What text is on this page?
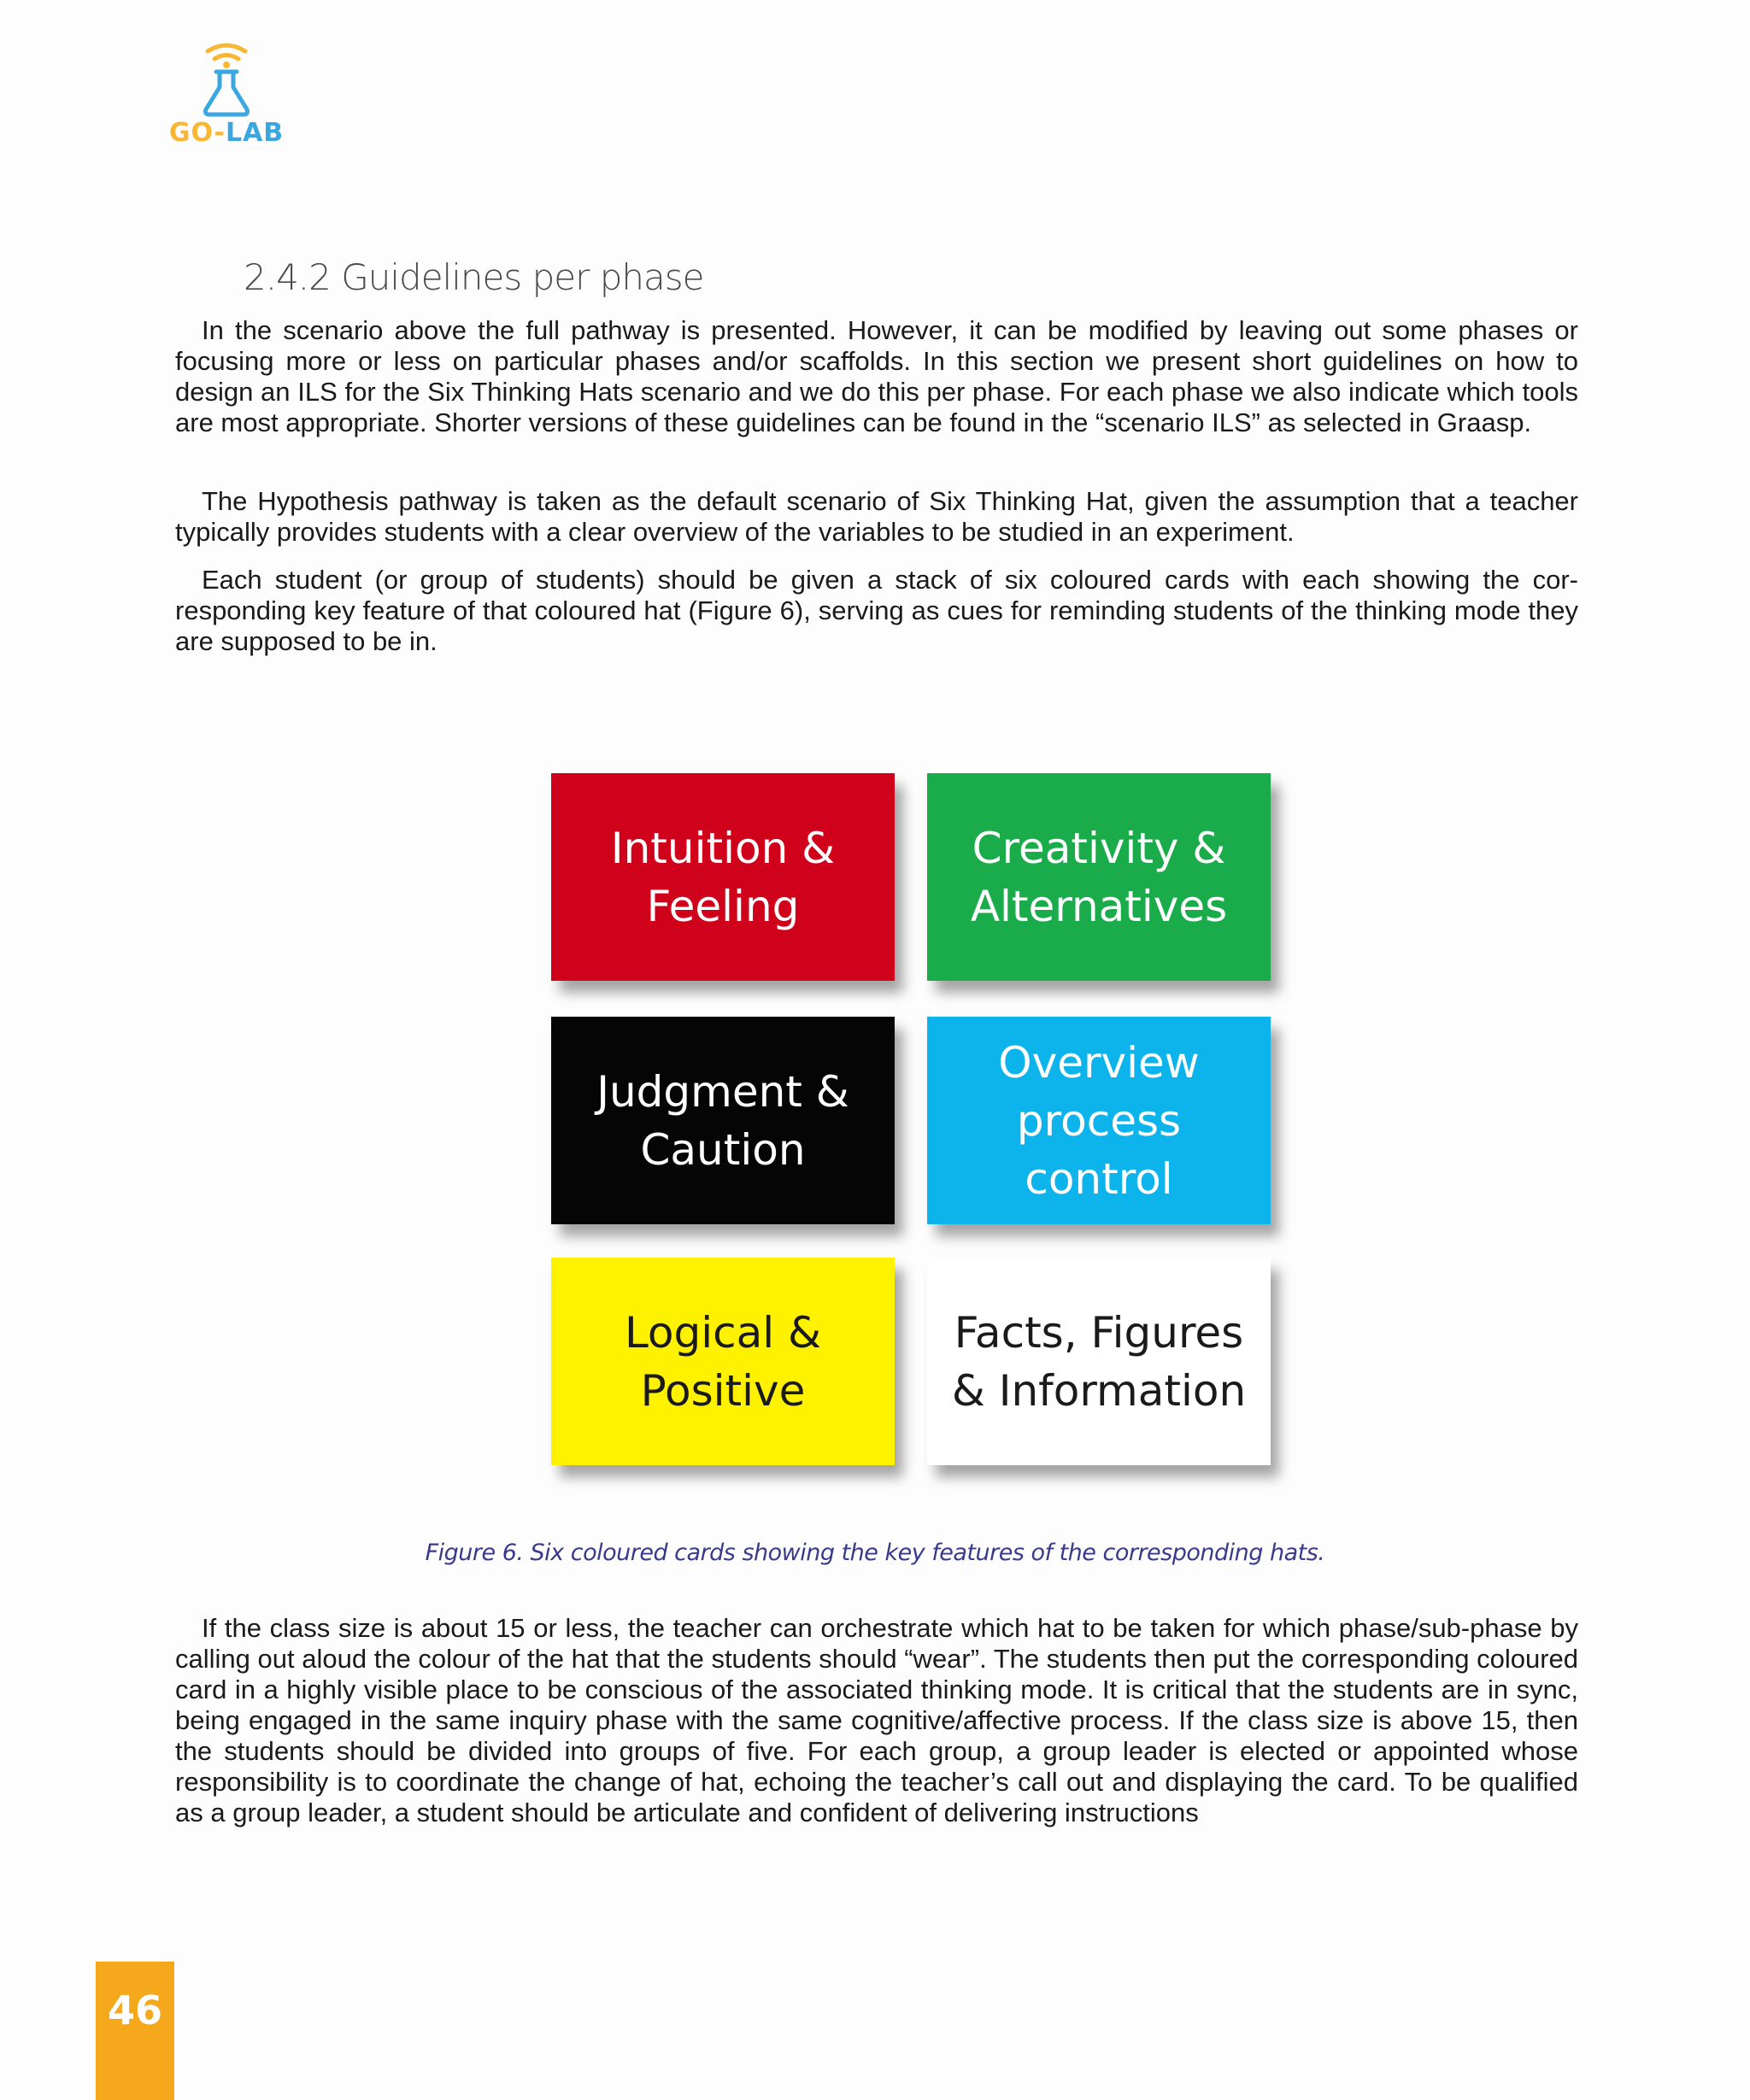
GO-LAB
2.4.2 Guidelines per phase

In the scenario above the full pathway is presented. However, it can be modified by leaving out some phases or focusing more or less on particular phases and/or scaffolds. In this section we present short guidelines on how to design an ILS for the Six Thinking Hats scenario and we do this per phase. For each phase we also indicate which tools are most appropriate. Shorter versions of these guidelines can be found in the “scenario ILS” as selected in Graasp.

The Hypothesis pathway is taken as the default scenario of Six Thinking Hat, given the assumption that a teacher typically provides students with a clear overview of the variables to be studied in an experiment.

Each student (or group of students) should be given a stack of six coloured cards with each showing the corresponding key feature of that coloured hat (Figure 6), serving as cues for reminding students of the thinking mode they are supposed to be in.

Intuition & Feeling
Creativity & Alternatives
Judgment & Caution
Overview process control
Logical & Positive
Facts, Figures & Information
Figure 6. Six coloured cards showing the key features of the corresponding hats.

If the class size is about 15 or less, the teacher can orchestrate which hat to be taken for which phase/sub-phase by calling out aloud the colour of the hat that the students should “wear”. The students then put the corresponding coloured card in a highly visible place to be conscious of the associated thinking mode. It is critical that the students are in sync, being engaged in the same inquiry phase with the same cognitive/affective process. If the class size is above 15, then the students should be divided into groups of five. For each group, a group leader is elected or appointed whose responsibility is to coordinate the change of hat, echoing the teacher’s call out and displaying the card. To be qualified as a group leader, a student should be articulate and confident of delivering instructions

46
